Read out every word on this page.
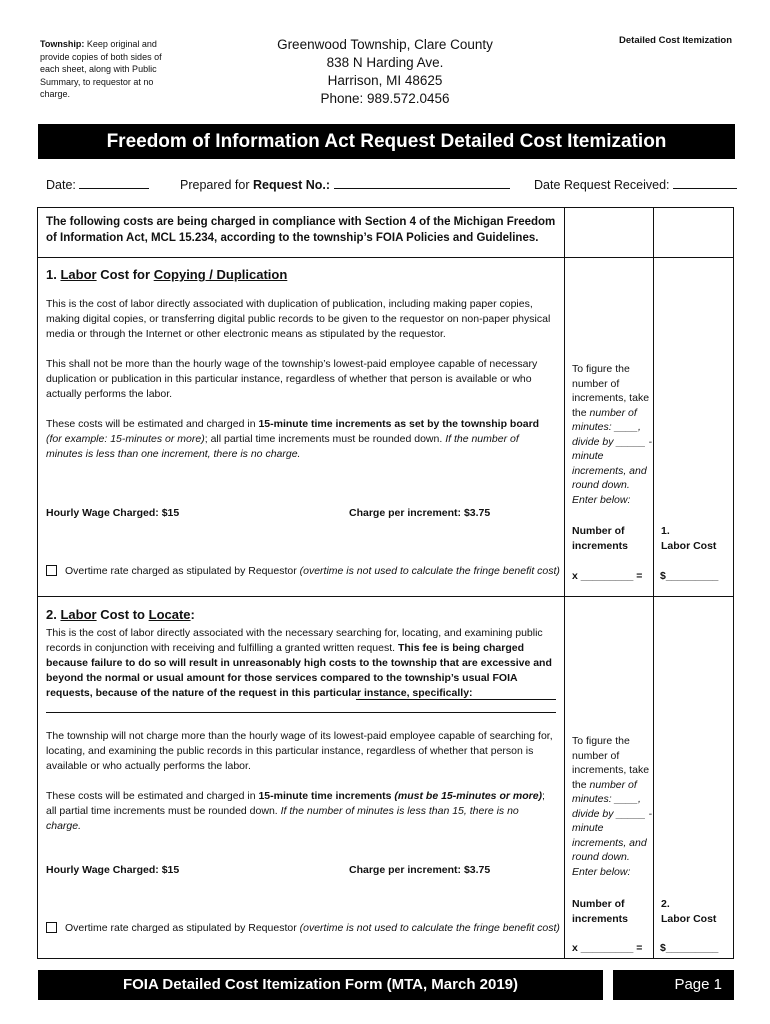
Township: Keep original and provide copies of both sides of each sheet, along with Public Summary, to requestor at no charge.
Greenwood Township, Clare County
838 N Harding Ave.
Harrison, MI 48625
Phone: 989.572.0456
Detailed Cost Itemization
Freedom of Information Act Request Detailed Cost Itemization
Date:	Prepared for Request No.:	Date Request Received:
The following costs are being charged in compliance with Section 4 of the Michigan Freedom of Information Act, MCL 15.234, according to the township’s FOIA Policies and Guidelines.
1. Labor Cost for Copying / Duplication
This is the cost of labor directly associated with duplication of publication, including making paper copies, making digital copies, or transferring digital public records to be given to the requestor on non-paper physical media or through the Internet or other electronic means as stipulated by the requestor.
This shall not be more than the hourly wage of the township’s lowest-paid employee capable of necessary duplication or publication in this particular instance, regardless of whether that person is available or who actually performs the labor.
These costs will be estimated and charged in 15-minute time increments as set by the township board (for example: 15-minutes or more); all partial time increments must be rounded down. If the number of minutes is less than one increment, there is no charge.
Hourly Wage Charged: $15	Charge per increment: $3.75
Overtime rate charged as stipulated by Requestor (overtime is not used to calculate the fringe benefit cost)
To figure the number of increments, take the number of minutes: ____, divide by _____ -minute increments, and round down. Enter below:
Number of increments
1.
Labor Cost
x _________ = $_________
2. Labor Cost to Locate:
This is the cost of labor directly associated with the necessary searching for, locating, and examining public records in conjunction with receiving and fulfilling a granted written request. This fee is being charged because failure to do so will result in unreasonably high costs to the township that are excessive and beyond the normal or usual amount for those services compared to the township’s usual FOIA requests, because of the nature of the request in this particular instance, specifically:
The township will not charge more than the hourly wage of its lowest-paid employee capable of searching for, locating, and examining the public records in this particular instance, regardless of whether that person is available or who actually performs the labor.
These costs will be estimated and charged in 15-minute time increments (must be 15-minutes or more); all partial time increments must be rounded down. If the number of minutes is less than 15, there is no charge.
Hourly Wage Charged: $15	Charge per increment: $3.75
Overtime rate charged as stipulated by Requestor (overtime is not used to calculate the fringe benefit cost)
To figure the number of increments, take the number of minutes: ____, divide by _____ -minute increments, and round down. Enter below:
Number of increments
2.
Labor Cost
x _________ = $_________
FOIA Detailed Cost Itemization Form (MTA, March 2019)	Page 1
